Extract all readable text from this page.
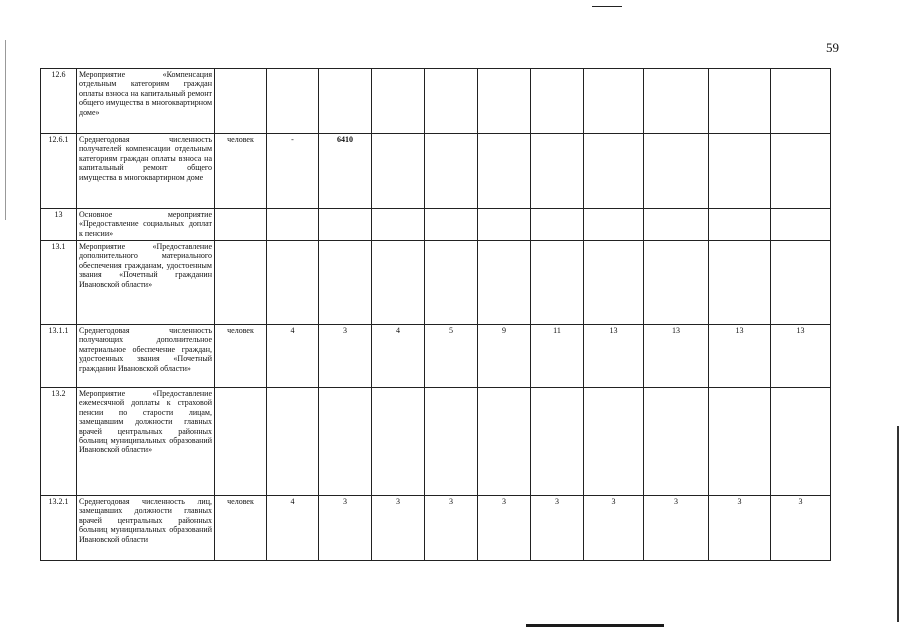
59
12.6	Мероприятие «Компенсация отдельным категориям граждан оплаты взноса на капитальный ремонт общего имущества в многоквартирном доме»											
12.6.1	Среднегодовая численность получателей компенсации отдельным категориям граждан оплаты взноса на капитальный ремонт общего имущества в многоквартирном доме	человек	-	6410								
13	Основное мероприятие «Предоставление социальных доплат к пенсии»											
13.1	Мероприятие «Предоставление дополнительного материального обеспечения гражданам, удостоенным звания «Почетный гражданин Ивановской области»											
13.1.1	Среднегодовая численность получающих дополнительное материальное обеспечение граждан, удостоенных звания «Почетный гражданин Ивановской области»	человек	4	3	4	5	9	11	13	13	13	13
13.2	Мероприятие «Предоставление ежемесячной доплаты к страховой пенсии по старости лицам, замещавшим должности главных врачей центральных районных больниц муниципальных образований Ивановской области»											
13.2.1	Среднегодовая численность лиц, замещавших должности главных врачей центральных районных больниц муниципальных образований Ивановской области	человек	4	3	3	3	3	3	3	3	3	3
